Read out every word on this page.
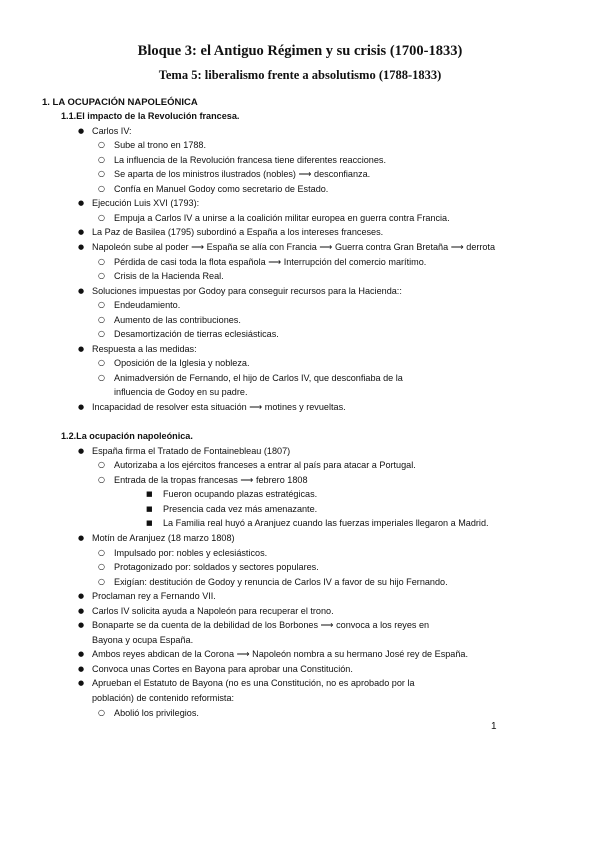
Bloque 3: el Antiguo Régimen y su crisis (1700-1833)
Tema 5: liberalismo frente a absolutismo (1788-1833)
1. LA OCUPACIÓN NAPOLEÓNICA
1.1.El impacto de la Revolución francesa.
Carlos IV:
●
Sube al trono en 1788.
○
La influencia de la Revolución francesa tiene diferentes reacciones.
○
Se aparta de los ministros ilustrados (nobles) ⟶ desconfianza.
○
Confía en Manuel Godoy como secretario de Estado.
○
Ejecución Luis XVI (1793):
●
Empuja a Carlos IV a unirse a la coalición militar europea en guerra contra Francia.
○
La Paz de Basilea (1795) subordinó a España a los intereses franceses.
●
Napoleón sube al poder ⟶ España se alía con Francia ⟶ Guerra contra Gran Bretaña ⟶ derrota
●
Pérdida de casi toda la flota española ⟶ Interrupción del comercio marítimo.
○
Crisis de la Hacienda Real.
○
Soluciones impuestas por Godoy para conseguir recursos para la Hacienda::
●
Endeudamiento.
○
Aumento de las contribuciones.
○
Desamortización de tierras eclesiásticas.
○
Respuesta a las medidas:
●
Oposición de la Iglesia y nobleza.
○
Animadversión de Fernando, el hijo de Carlos IV, que desconfiaba de la
○
influencia de Godoy en su padre.
Incapacidad de resolver esta situación ⟶ motines y revueltas.
●
1.2.La ocupación napoleónica.
España firma el Tratado de Fontainebleau (1807)
●
Autorizaba a los ejércitos franceses a entrar al país para atacar a Portugal.
○
Entrada de la tropas francesas ⟶ febrero 1808
○
Fueron ocupando plazas estratégicas.
■
Presencia cada vez más amenazante.
■
La Familia real huyó a Aranjuez cuando las fuerzas imperiales llegaron a Madrid.
■
Motín de Aranjuez (18 marzo 1808)
●
Impulsado por: nobles y eclesiásticos.
○
Protagonizado por: soldados y sectores populares.
○
Exigían: destitución de Godoy y renuncia de Carlos IV a favor de su hijo Fernando.
○
Proclaman rey a Fernando VII.
●
Carlos IV solicita ayuda a Napoleón para recuperar el trono.
●
Bonaparte se da cuenta de la debilidad de los Borbones ⟶ convoca a los reyes en
●
Bayona y ocupa España.
Ambos reyes abdican de la Corona ⟶ Napoleón nombra a su hermano José rey de España.
●
Convoca unas Cortes en Bayona para aprobar una Constitución.
●
Aprueban el Estatuto de Bayona (no es una Constitución, no es aprobado por la
●
población) de contenido reformista:
Abolió los privilegios.
○
1
